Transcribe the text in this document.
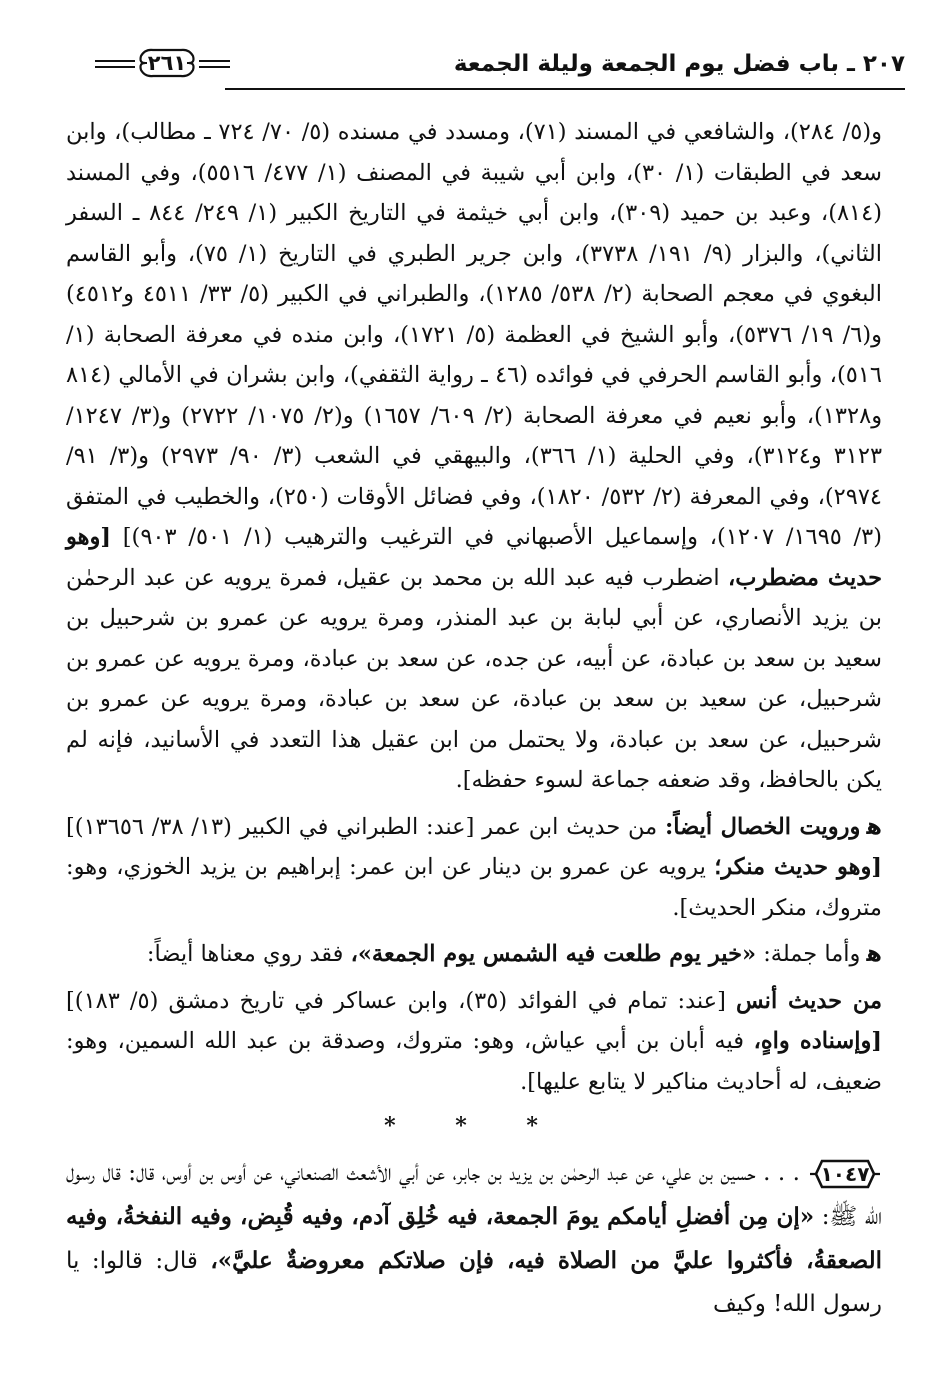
٢٠٧ ـ باب فضل يوم الجمعة وليلة الجمعة
٢٦١

و(٥/ ٢٨٤)، والشافعي في المسند (٧١)، ومسدد في مسنده (٥/ ٧٠/ ٧٢٤ ـ مطالب)، وابن سعد في الطبقات (١/ ٣٠)، وابن أبي شيبة في المصنف (١/ ٤٧٧/ ٥٥١٦)، وفي المسند (٨١٤)، وعبد بن حميد (٣٠٩)، وابن أبي خيثمة في التاريخ الكبير (١/ ٢٤٩/ ٨٤٤ ـ السفر الثاني)، والبزار (٩/ ١٩١/ ٣٧٣٨)، وابن جرير الطبري في التاريخ (١/ ٧٥)، وأبو القاسم البغوي في معجم الصحابة (٢/ ٥٣٨/ ١٢٨٥)، والطبراني في الكبير (٥/ ٣٣/ ٤٥١١ و٤٥١٢) و(٦/ ١٩/ ٥٣٧٦)، وأبو الشيخ في العظمة (٥/ ١٧٢١)، وابن منده في معرفة الصحابة (١/ ٥١٦)، وأبو القاسم الحرفي في فوائده (٤٦ ـ رواية الثقفي)، وابن بشران في الأمالي (٨١٤ و١٣٢٨)، وأبو نعيم في معرفة الصحابة (٢/ ٦٠٩/ ١٦٥٧) و(٢/ ١٠٧٥/ ٢٧٢٢) و(٣/ ١٢٤٧/ ٣١٢٣ و٣١٢٤)، وفي الحلية (١/ ٣٦٦)، والبيهقي في الشعب (٣/ ٩٠/ ٢٩٧٣) و(٣/ ٩١/ ٢٩٧٤)، وفي المعرفة (٢/ ٥٣٢/ ١٨٢٠)، وفي فضائل الأوقات (٢٥٠)، والخطيب في المتفق (٣/ ١٦٩٥/ ١٢٠٧)، وإسماعيل الأصبهاني في الترغيب والترهيب (١/ ٥٠١/ ٩٠٣)] [وهو حديث مضطرب، اضطرب فيه عبد الله بن محمد بن عقيل، فمرة يرويه عن عبد الرحمٰن بن يزيد الأنصاري، عن أبي لبابة بن عبد المنذر، ومرة يرويه عن عمرو بن شرحبيل بن سعيد بن سعد بن عبادة، عن أبيه، عن جده، عن سعد بن عبادة، ومرة يرويه عن عمرو بن شرحبيل، عن سعيد بن سعد بن عبادة، عن سعد بن عبادة، ومرة يرويه عن عمرو بن شرحبيل، عن سعد بن عبادة، ولا يحتمل من ابن عقيل هذا التعدد في الأسانيد، فإنه لم يكن بالحافظ، وقد ضعفه جماعة لسوء حفظه].

ﻫورويت الخصال أيضاً: من حديث ابن عمر [عند: الطبراني في الكبير (١٣/ ٣٨/ ١٣٦٥٦)] [وهو حديث منكر؛ يرويه عن عمرو بن دينار عن ابن عمر: إبراهيم بن يزيد الخوزي، وهو: متروك، منكر الحديث].

ﻫوأما جملة: «خير يوم طلعت فيه الشمس يوم الجمعة»، فقد روي معناها أيضاً:

من حديث أنس [عند: تمام في الفوائد (٣٥)، وابن عساكر في تاريخ دمشق (٥/ ١٨٣)] [وإسناده واهٍ، فيه أبان بن أبي عياش، وهو: متروك، وصدقة بن عبد الله السمين، وهو: ضعيف، له أحاديث مناكير لا يتابع عليها].

* * *

١٠٤٧
. . . حسين بن علي، عن عبد الرحمٰن بن يزيد بن جابر، عن أبي الأشعث الصنعاني، عن أوس بن أوس، قال: قال رسول الله ﷺ: «إن مِن أفضلِ أيامكم يومَ الجمعة، فيه خُلِق آدم، وفيه قُبِض، وفيه النفخةُ، وفيه الصعقةُ، فأكثروا عليَّ من الصلاة فيه، فإن صلاتكم معروضةٌ عليَّ»، قال: قالوا: يا رسول الله! وكيف
